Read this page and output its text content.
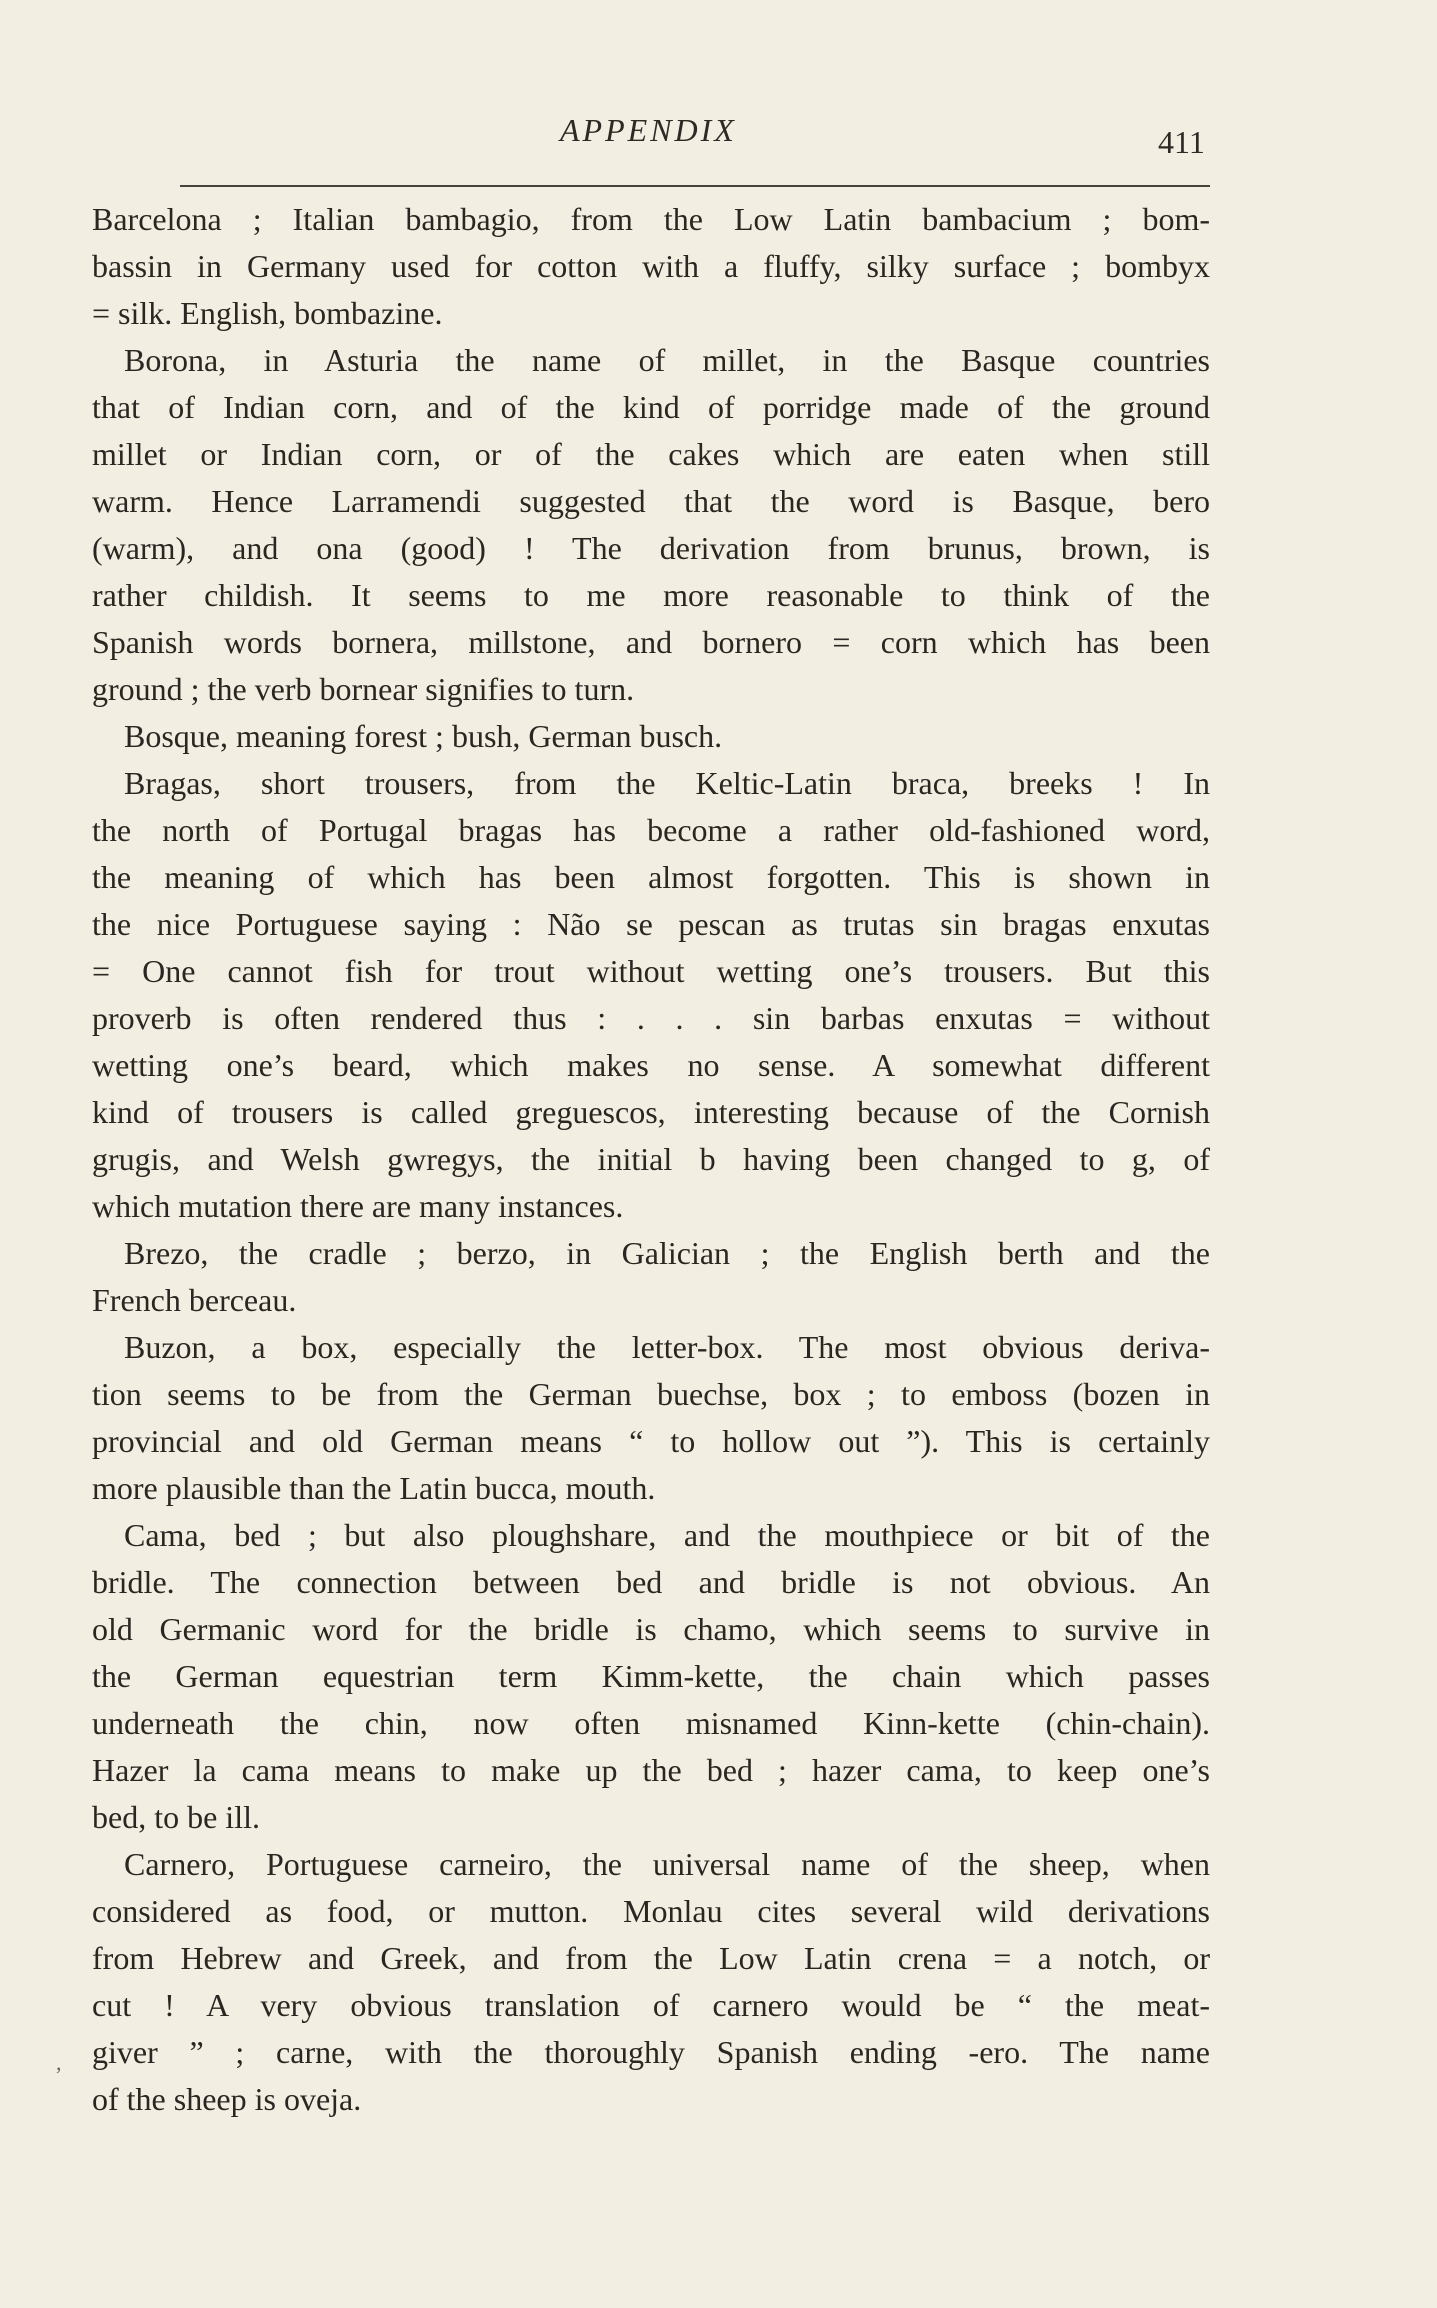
APPENDIX	411
Barcelona ; Italian bambagio, from the Low Latin bambacium ; bom-
bassin in Germany used for cotton with a fluffy, silky surface ; bombyx
= silk. English, bombazine.
Borona, in Asturia the name of millet, in the Basque countries
that of Indian corn, and of the kind of porridge made of the ground
millet or Indian corn, or of the cakes which are eaten when still
warm. Hence Larramendi suggested that the word is Basque, bero
(warm), and ona (good) ! The derivation from brunus, brown, is
rather childish. It seems to me more reasonable to think of the
Spanish words bornera, millstone, and bornero = corn which has been
ground ; the verb bornear signifies to turn.
Bosque, meaning forest ; bush, German busch.
Bragas, short trousers, from the Keltic-Latin braca, breeks ! In
the north of Portugal bragas has become a rather old-fashioned word,
the meaning of which has been almost forgotten. This is shown in
the nice Portuguese saying : Não se pescan as trutas sin bragas enxutas
= One cannot fish for trout without wetting one’s trousers. But this
proverb is often rendered thus : . . . sin barbas enxutas = without
wetting one’s beard, which makes no sense. A somewhat different
kind of trousers is called greguescos, interesting because of the Cornish
grugis, and Welsh gwregys, the initial b having been changed to g, of
which mutation there are many instances.
Brezo, the cradle ; berzo, in Galician ; the English berth and the
French berceau.
Buzon, a box, especially the letter-box. The most obvious deriva-
tion seems to be from the German buechse, box ; to emboss (bozen in
provincial and old German means “ to hollow out ”). This is certainly
more plausible than the Latin bucca, mouth.
Cama, bed ; but also ploughshare, and the mouthpiece or bit of the
bridle. The connection between bed and bridle is not obvious. An
old Germanic word for the bridle is chamo, which seems to survive in
the German equestrian term Kimm-kette, the chain which passes
underneath the chin, now often misnamed Kinn-kette (chin-chain).
Hazer la cama means to make up the bed ; hazer cama, to keep one’s
bed, to be ill.
Carnero, Portuguese carneiro, the universal name of the sheep, when
considered as food, or mutton. Monlau cites several wild derivations
from Hebrew and Greek, and from the Low Latin crena = a notch, or
cut ! A very obvious translation of carnero would be “ the meat-
giver ” ; carne, with the thoroughly Spanish ending -ero. The name
of the sheep is oveja.
,
